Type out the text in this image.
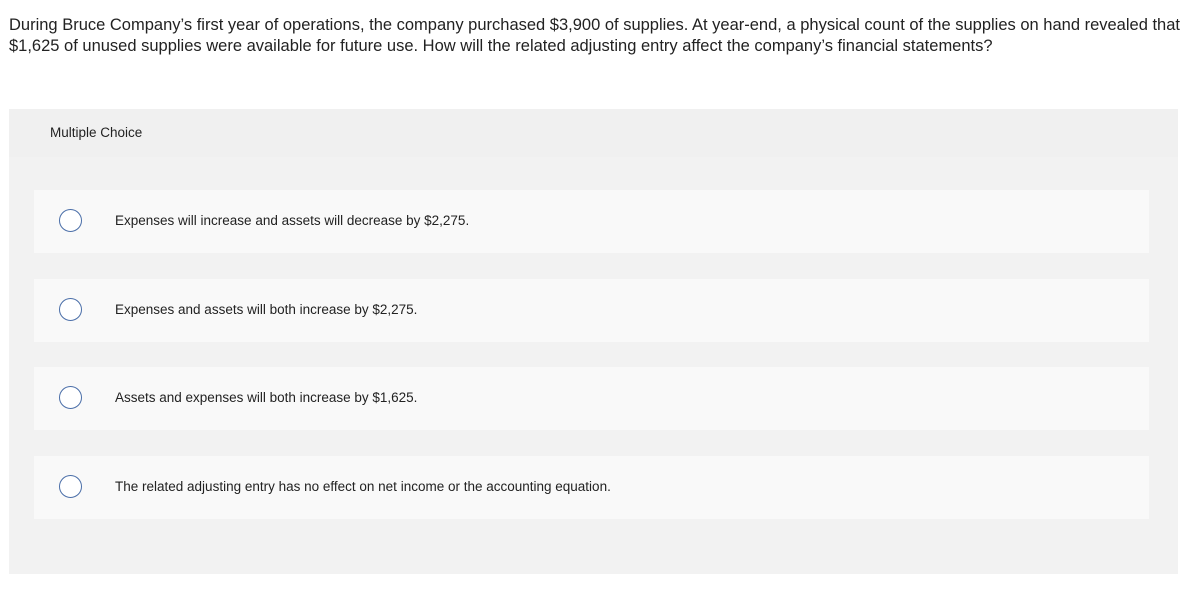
During Bruce Company’s first year of operations, the company purchased $3,900 of supplies. At year-end, a physical count of the supplies on hand revealed that $1,625 of unused supplies were available for future use. How will the related adjusting entry affect the company’s financial statements?
Multiple Choice
Expenses will increase and assets will decrease by $2,275.
Expenses and assets will both increase by $2,275.
Assets and expenses will both increase by $1,625.
The related adjusting entry has no effect on net income or the accounting equation.
